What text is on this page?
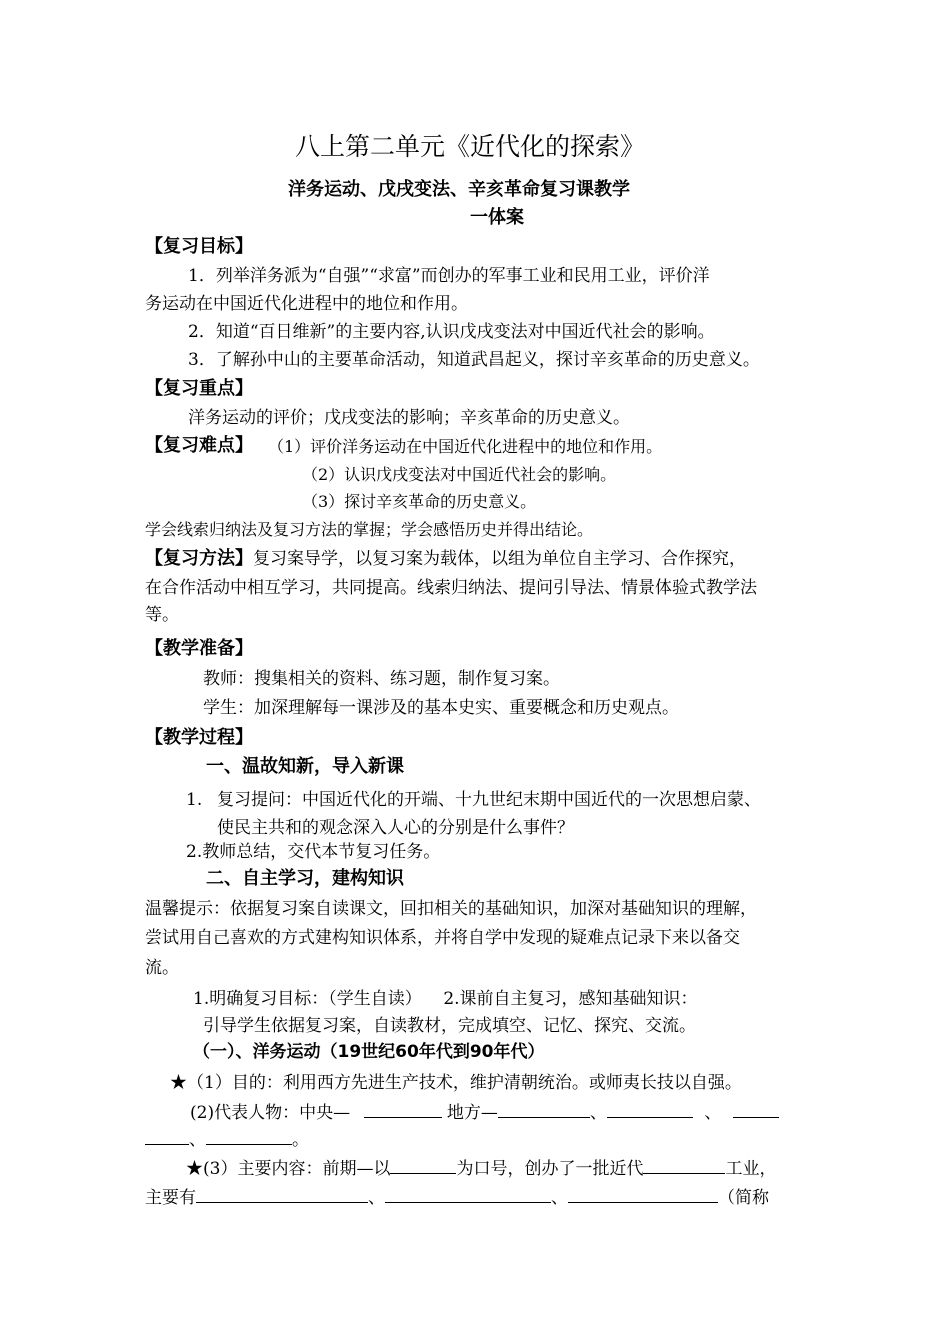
八上第二单元《近代化的探索》
洋务运动、戊戌变法、辛亥革命复习课教学
一体案
【复习目标】
1．列举洋务派为“自强”“求富”而创办的军事工业和民用工业，评价洋
务运动在中国近代化进程中的地位和作用。
2．知道“百日维新”的主要内容,认识戊戌变法对中国近代社会的影响。
3．了解孙中山的主要革命活动，知道武昌起义，探讨辛亥革命的历史意义。
【复习重点】
洋务运动的评价；戊戌变法的影响；辛亥革命的历史意义。
【复习难点】 （1）评价洋务运动在中国近代化进程中的地位和作用。
（2）认识戊戌变法对中国近代社会的影响。
（3）探讨辛亥革命的历史意义。
学会线索归纳法及复习方法的掌握；学会感悟历史并得出结论。
【复习方法】复习案导学，以复习案为载体，以组为单位自主学习、合作探究，
在合作活动中相互学习，共同提高。线索归纳法、提问引导法、情景体验式教学法
等。
【教学准备】
教师：搜集相关的资料、练习题，制作复习案。
学生：加深理解每一课涉及的基本史实、重要概念和历史观点。
【教学过程】
一、温故知新，导入新课
1. 复习提问：中国近代化的开端、十九世纪末期中国近代的一次思想启蒙、
使民主共和的观念深入人心的分别是什么事件？
2.教师总结，交代本节复习任务。
二、自主学习，建构知识
温馨提示：依据复习案自读课文，回扣相关的基础知识，加深对基础知识的理解，
尝试用自己喜欢的方式建构知识体系，并将自学中发现的疑难点记录下来以备交
流。
1.明确复习目标：（学生自读）    2.课前自主复习，感知基础知识：
引导学生依据复习案，自读教材，完成填空、记忆、探究、交流。
（一）、洋务运动（19世纪60年代到90年代）
★（1）目的：利用西方先进生产技术，维护清朝统治。或师夷长技以自强。
(2)代表人物：中央—	地方—	、	、
、	。
★(3）主要内容：前期—以	为口号，创办了一批近代	工业，
主要有	、	、	（简称
